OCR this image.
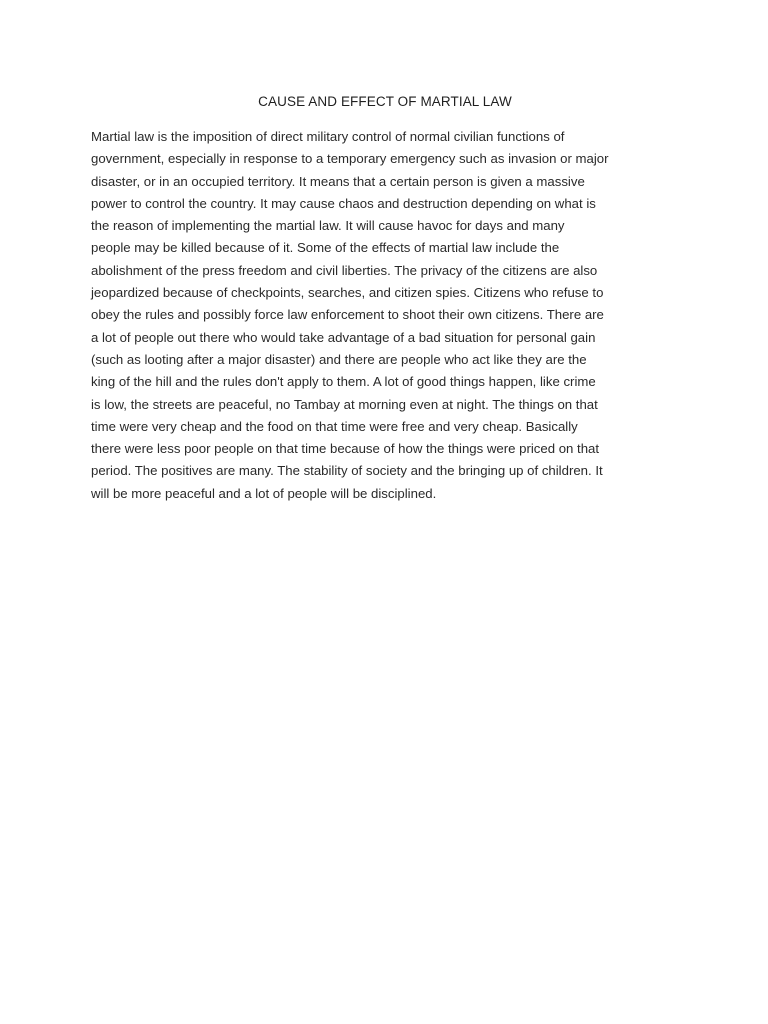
CAUSE AND EFFECT OF MARTIAL LAW
Martial law is the imposition of direct military control of normal civilian functions of
government, especially in response to a temporary emergency such as invasion or major
disaster, or in an occupied territory. It means that a certain person is given a massive
power to control the country. It may cause chaos and destruction depending on what is
the reason of implementing the martial law. It will cause havoc for days and many
people may be killed because of it. Some of the effects of martial law include the
abolishment of the press freedom and civil liberties. The privacy of the citizens are also
jeopardized because of checkpoints, searches, and citizen spies. Citizens who refuse to
obey the rules and possibly force law enforcement to shoot their own citizens. There are
a lot of people out there who would take advantage of a bad situation for personal gain
(such as looting after a major disaster) and there are people who act like they are the
king of the hill and the rules don't apply to them. A lot of good things happen, like crime
is low, the streets are peaceful, no Tambay at morning even at night. The things on that
time were very cheap and the food on that time were free and very cheap. Basically
there were less poor people on that time because of how the things were priced on that
period. The positives are many. The stability of society and the bringing up of children. It
will be more peaceful and a lot of people will be disciplined.
